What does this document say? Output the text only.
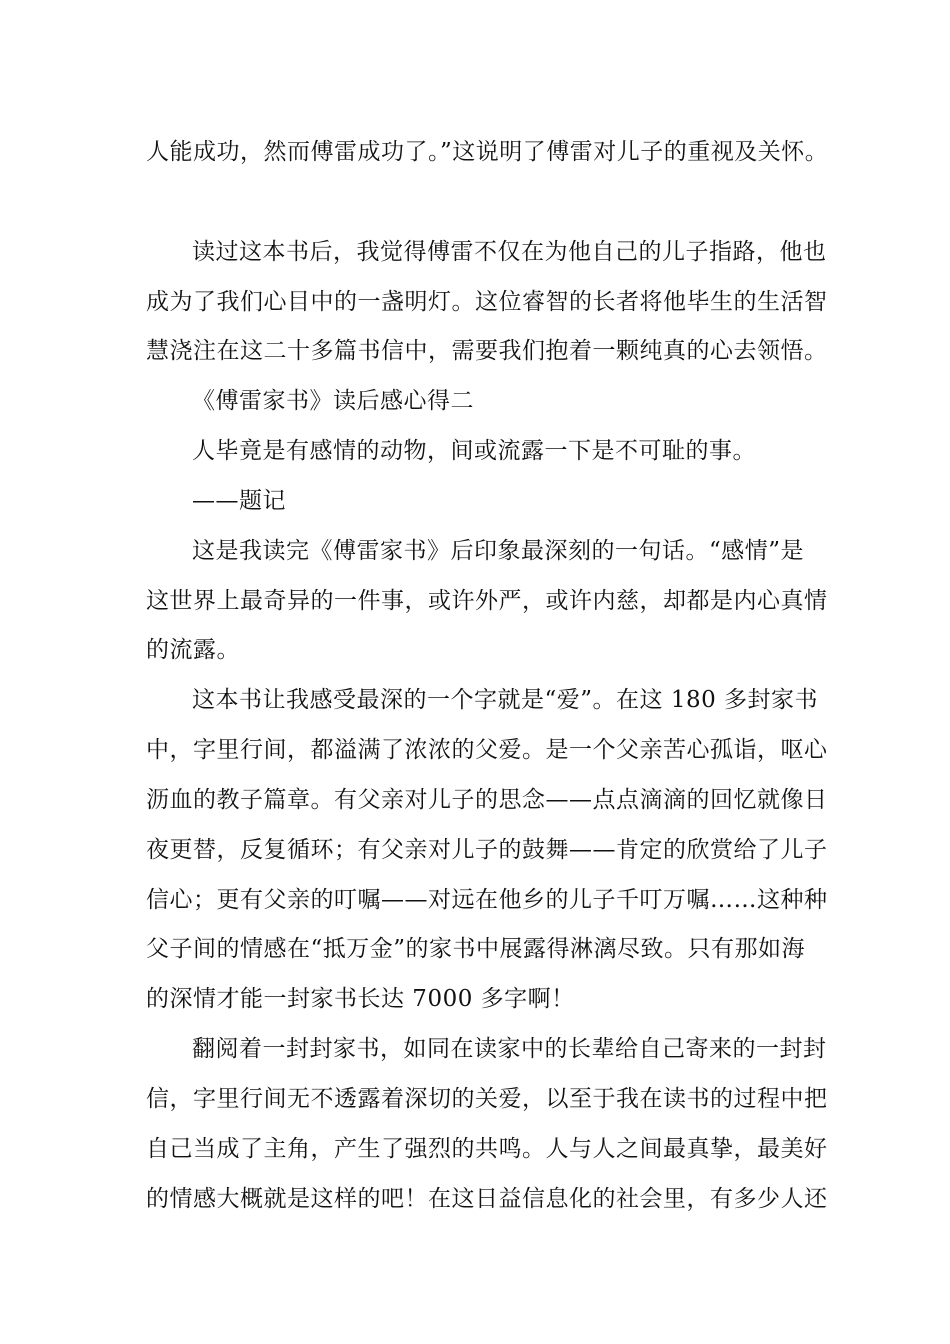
人能成功，然而傅雷成功了。”这说明了傅雷对儿子的重视及关怀。

读过这本书后，我觉得傅雷不仅在为他自己的儿子指路，他也

成为了我们心目中的一盏明灯。这位睿智的长者将他毕生的生活智

慧浇注在这二十多篇书信中，需要我们抱着一颗纯真的心去领悟。

《傅雷家书》读后感心得二

人毕竟是有感情的动物，间或流露一下是不可耻的事。

——题记

这是我读完《傅雷家书》后印象最深刻的一句话。“感情”是

这世界上最奇异的一件事，或许外严，或许内慈，却都是内心真情

的流露。

这本书让我感受最深的一个字就是“爱”。在这 180 多封家书

中，字里行间，都溢满了浓浓的父爱。是一个父亲苦心孤诣，呕心

沥血的教子篇章。有父亲对儿子的思念——点点滴滴的回忆就像日

夜更替，反复循环；有父亲对儿子的鼓舞——肯定的欣赏给了儿子

信心；更有父亲的叮嘱——对远在他乡的儿子千叮万嘱……这种种

父子间的情感在“抵万金”的家书中展露得淋漓尽致。只有那如海

的深情才能一封家书长达 7000 多字啊！

翻阅着一封封家书，如同在读家中的长辈给自己寄来的一封封

信，字里行间无不透露着深切的关爱，以至于我在读书的过程中把

自己当成了主角，产生了强烈的共鸣。人与人之间最真挚，最美好

的情感大概就是这样的吧！在这日益信息化的社会里，有多少人还
